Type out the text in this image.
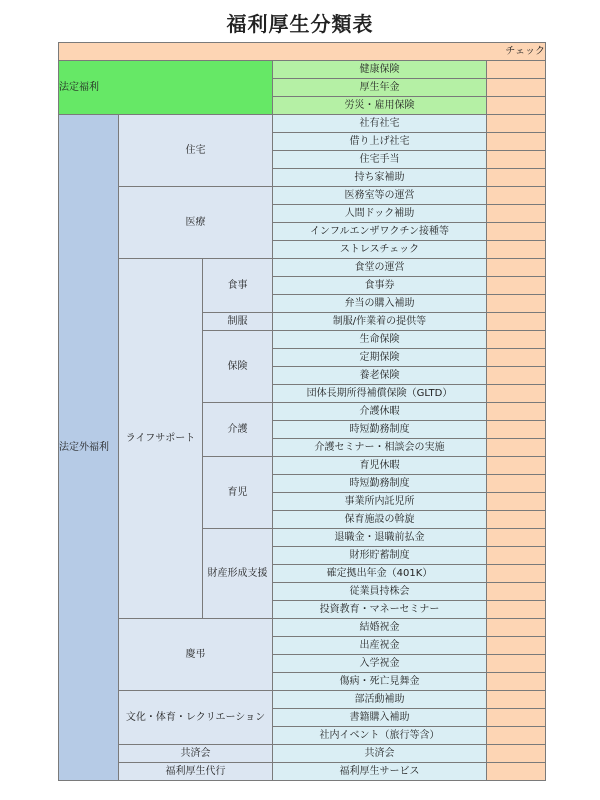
福利厚生分類表
チェック				
法定福利			健康保険	
			厚生年金	
			労災・雇用保険	
法定外福利	住宅		社有社宅	
			借り上げ社宅	
			住宅手当	
			持ち家補助	
	医療		医務室等の運営	
			人間ドック補助	
			インフルエンザワクチン接種等	
			ストレスチェック	
	ライフサポート	食事	食堂の運営	
			食事券	
			弁当の購入補助	
		制服	制服/作業着の提供等	
		保険	生命保険	
			定期保険	
			養老保険	
			団体長期所得補償保険（GLTD）	
		介護	介護休暇	
			時短勤務制度	
			介護セミナー・相談会の実施	
		育児	育児休暇	
			時短勤務制度	
			事業所内託児所	
			保育施設の斡旋	
		財産形成支援	退職金・退職前払金	
			財形貯蓄制度	
			確定拠出年金（401K）	
			従業員持株会	
			投資教育・マネーセミナー	
	慶弔		結婚祝金	
			出産祝金	
			入学祝金	
			傷病・死亡見舞金	
	文化・体育・レクリエーション		部活動補助	
			書籍購入補助	
			社内イベント（旅行等含）	
	共済会		共済会	
	福利厚生代行		福利厚生サービス	
